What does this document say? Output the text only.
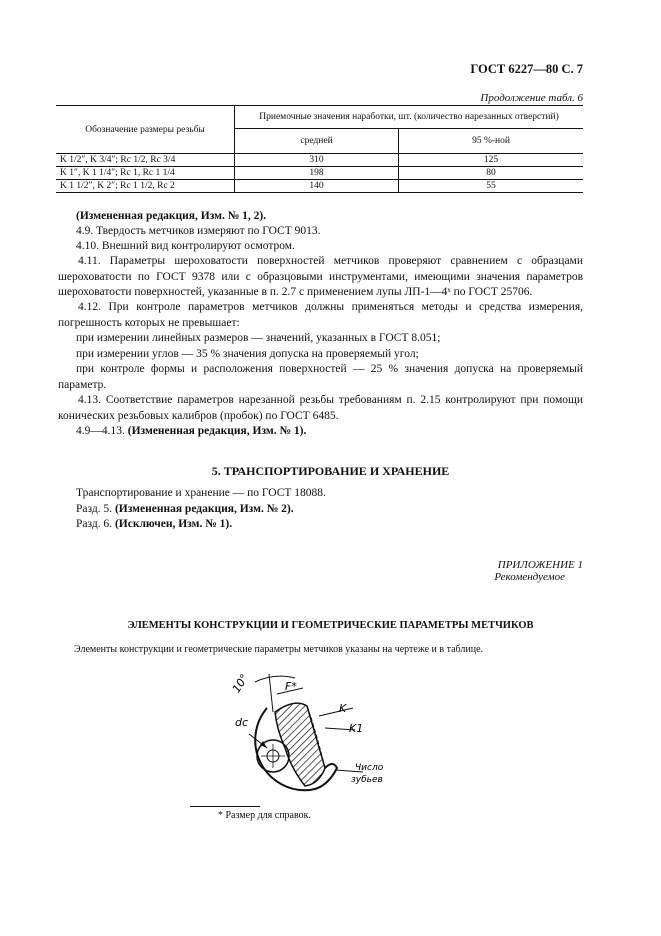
ГОСТ 6227—80 С. 7
Продолжение табл. 6
Обозначение размеры резьбы	Приемочные значения наработки, шт. (количество нарезанных отверстий)	
	средней	95 %-ной
K 1/2″, K 3/4″; Rc 1/2, Rc 3/4	310	125
K 1″, K 1 1/4″; Rc 1, Rc 1 1/4	198	80
K 1 1/2″, K 2″; Rc 1 1/2, Rc 2	140	55
(Измененная редакция, Изм. № 1, 2).
4.9. Твердость метчиков измеряют по ГОСТ 9013.
4.10. Внешний вид контролируют осмотром.
4.11. Параметры шероховатости поверхностей метчиков проверяют сравнением с образцами шероховатости по ГОСТ 9378 или с образцовыми инструментами, имеющими значения параметров шероховатости поверхностей, указанные в п. 2.7 с применением лупы ЛП-1—4ˣ по ГОСТ 25706.
4.12. При контроле параметров метчиков должны применяться методы и средства измерения, погрешность которых не превышает:
при измерении линейных размеров — значений, указанных в ГОСТ 8.051;
при измерении углов — 35 % значения допуска на проверяемый угол;
при контроле формы и расположения поверхностей — 25 % значения допуска на проверяемый параметр.
4.13. Соответствие параметров нарезанной резьбы требованиям п. 2.15 контролируют при помощи конических резьбовых калибров (пробок) по ГОСТ 6485.
4.9—4.13. (Измененная редакция, Изм. № 1).
5. ТРАНСПОРТИРОВАНИЕ И ХРАНЕНИЕ
Транспортирование и хранение — по ГОСТ 18088.
Разд. 5. (Измененная редакция, Изм. № 2).
Разд. 6. (Исключен, Изм. № 1).
ПРИЛОЖЕНИЕ 1
Рекомендуемое
ЭЛЕМЕНТЫ КОНСТРУКЦИИ И ГЕОМЕТРИЧЕСКИЕ ПАРАМЕТРЫ МЕТЧИКОВ
Элементы конструкции и геометрические параметры метчиков указаны на чертеже и в таблице.
10°	F*
dc
K
K1
Число
зубьев
* Размер для справок.
